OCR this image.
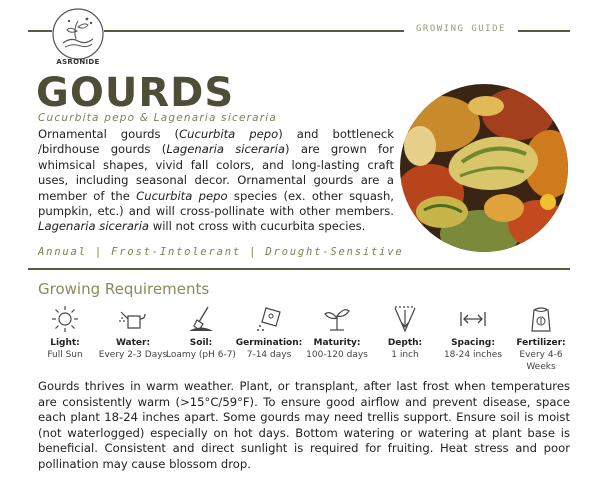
ASRONIDE
GROWING GUIDE
GOURDS
Cucurbita pepo & Lagenaria siceraria
Ornamental gourds (Cucurbita pepo) and bottleneck /birdhouse gourds (Lagenaria siceraria) are grown for whimsical shapes, vivid fall colors, and long-lasting craft uses, including seasonal decor. Ornamental gourds are a member of the Cucurbita pepo species (ex. other squash, pumpkin, etc.) and will cross-pollinate with other members. Lagenaria siceraria will not cross with cucurbita species.
Annual | Frost-Intolerant | Drought-Sensitive
Growing Requirements
Light:
Full Sun
Water:
Every 2-3 Days
Soil:
Loamy (pH 6-7)
Germination:
7-14 days
Maturity:
100-120 days
Depth:
1 inch
Spacing:
18-24 inches
Fertilizer:
Every 4-6 Weeks
Gourds thrives in warm weather. Plant, or transplant, after last frost when temperatures are consistently warm (>15°C/59°F). To ensure good airflow and prevent disease, space each plant 18-24 inches apart. Some gourds may need trellis support. Ensure soil is moist (not waterlogged) especially on hot days. Bottom watering or watering at plant base is beneficial. Consistent and direct sunlight is required for fruiting. Heat stress and poor pollination may cause blossom drop.
